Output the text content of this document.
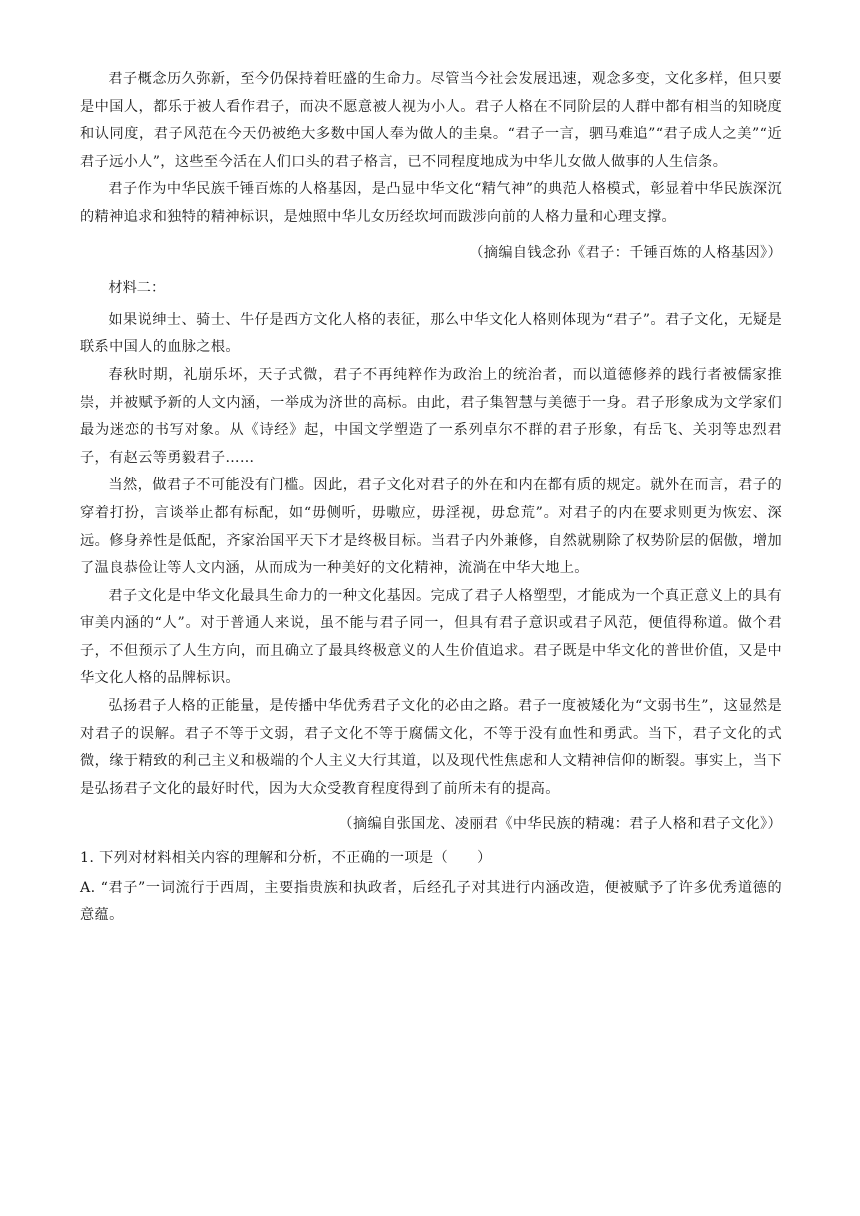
君子概念历久弥新，至今仍保持着旺盛的生命力。尽管当今社会发展迅速，观念多变，文化多样，但只要是中国人，都乐于被人看作君子，而决不愿意被人视为小人。君子人格在不同阶层的人群中都有相当的知晓度和认同度，君子风范在今天仍被绝大多数中国人奉为做人的圭臬。“君子一言，驷马难追”“君子成人之美”“近君子远小人”，这些至今活在人们口头的君子格言，已不同程度地成为中华儿女做人做事的人生信条。

君子作为中华民族千锤百炼的人格基因，是凸显中华文化“精气神”的典范人格模式，彰显着中华民族深沉的精神追求和独特的精神标识，是烛照中华儿女历经坎坷而跋涉向前的人格力量和心理支撑。

（摘编自钱念孙《君子：千锤百炼的人格基因》）

材料二：

如果说绅士、骑士、牛仔是西方文化人格的表征，那么中华文化人格则体现为“君子”。君子文化，无疑是联系中国人的血脉之根。

春秋时期，礼崩乐坏，天子式微，君子不再纯粹作为政治上的统治者，而以道德修养的践行者被儒家推崇，并被赋予新的人文内涵，一举成为济世的高标。由此，君子集智慧与美德于一身。君子形象成为文学家们最为迷恋的书写对象。从《诗经》起，中国文学塑造了一系列卓尔不群的君子形象，有岳飞、关羽等忠烈君子，有赵云等勇毅君子……

当然，做君子不可能没有门槛。因此，君子文化对君子的外在和内在都有质的规定。就外在而言，君子的穿着打扮，言谈举止都有标配，如“毋侧听，毋嗷应，毋淫视，毋怠荒”。对君子的内在要求则更为恢宏、深远。修身养性是低配，齐家治国平天下才是终极目标。当君子内外兼修，自然就剔除了权势阶层的倨傲，增加了温良恭俭让等人文内涵，从而成为一种美好的文化精神，流淌在中华大地上。

君子文化是中华文化最具生命力的一种文化基因。完成了君子人格塑型，才能成为一个真正意义上的具有审美内涵的“人”。对于普通人来说，虽不能与君子同一，但具有君子意识或君子风范，便值得称道。做个君子，不但预示了人生方向，而且确立了最具终极意义的人生价值追求。君子既是中华文化的普世价值，又是中华文化人格的品牌标识。

弘扬君子人格的正能量，是传播中华优秀君子文化的必由之路。君子一度被矮化为“文弱书生”，这显然是对君子的误解。君子不等于文弱，君子文化不等于腐儒文化，不等于没有血性和勇武。当下，君子文化的式微，缘于精致的利己主义和极端的个人主义大行其道，以及现代性焦虑和人文精神信仰的断裂。事实上，当下是弘扬君子文化的最好时代，因为大众受教育程度得到了前所未有的提高。

（摘编自张国龙、凌丽君《中华民族的精魂：君子人格和君子文化》）

1. 下列对材料相关内容的理解和分析，不正确的一项是（　　）

A. “君子”一词流行于西周，主要指贵族和执政者，后经孔子对其进行内涵改造，便被赋予了许多优秀道德的意蕴。
